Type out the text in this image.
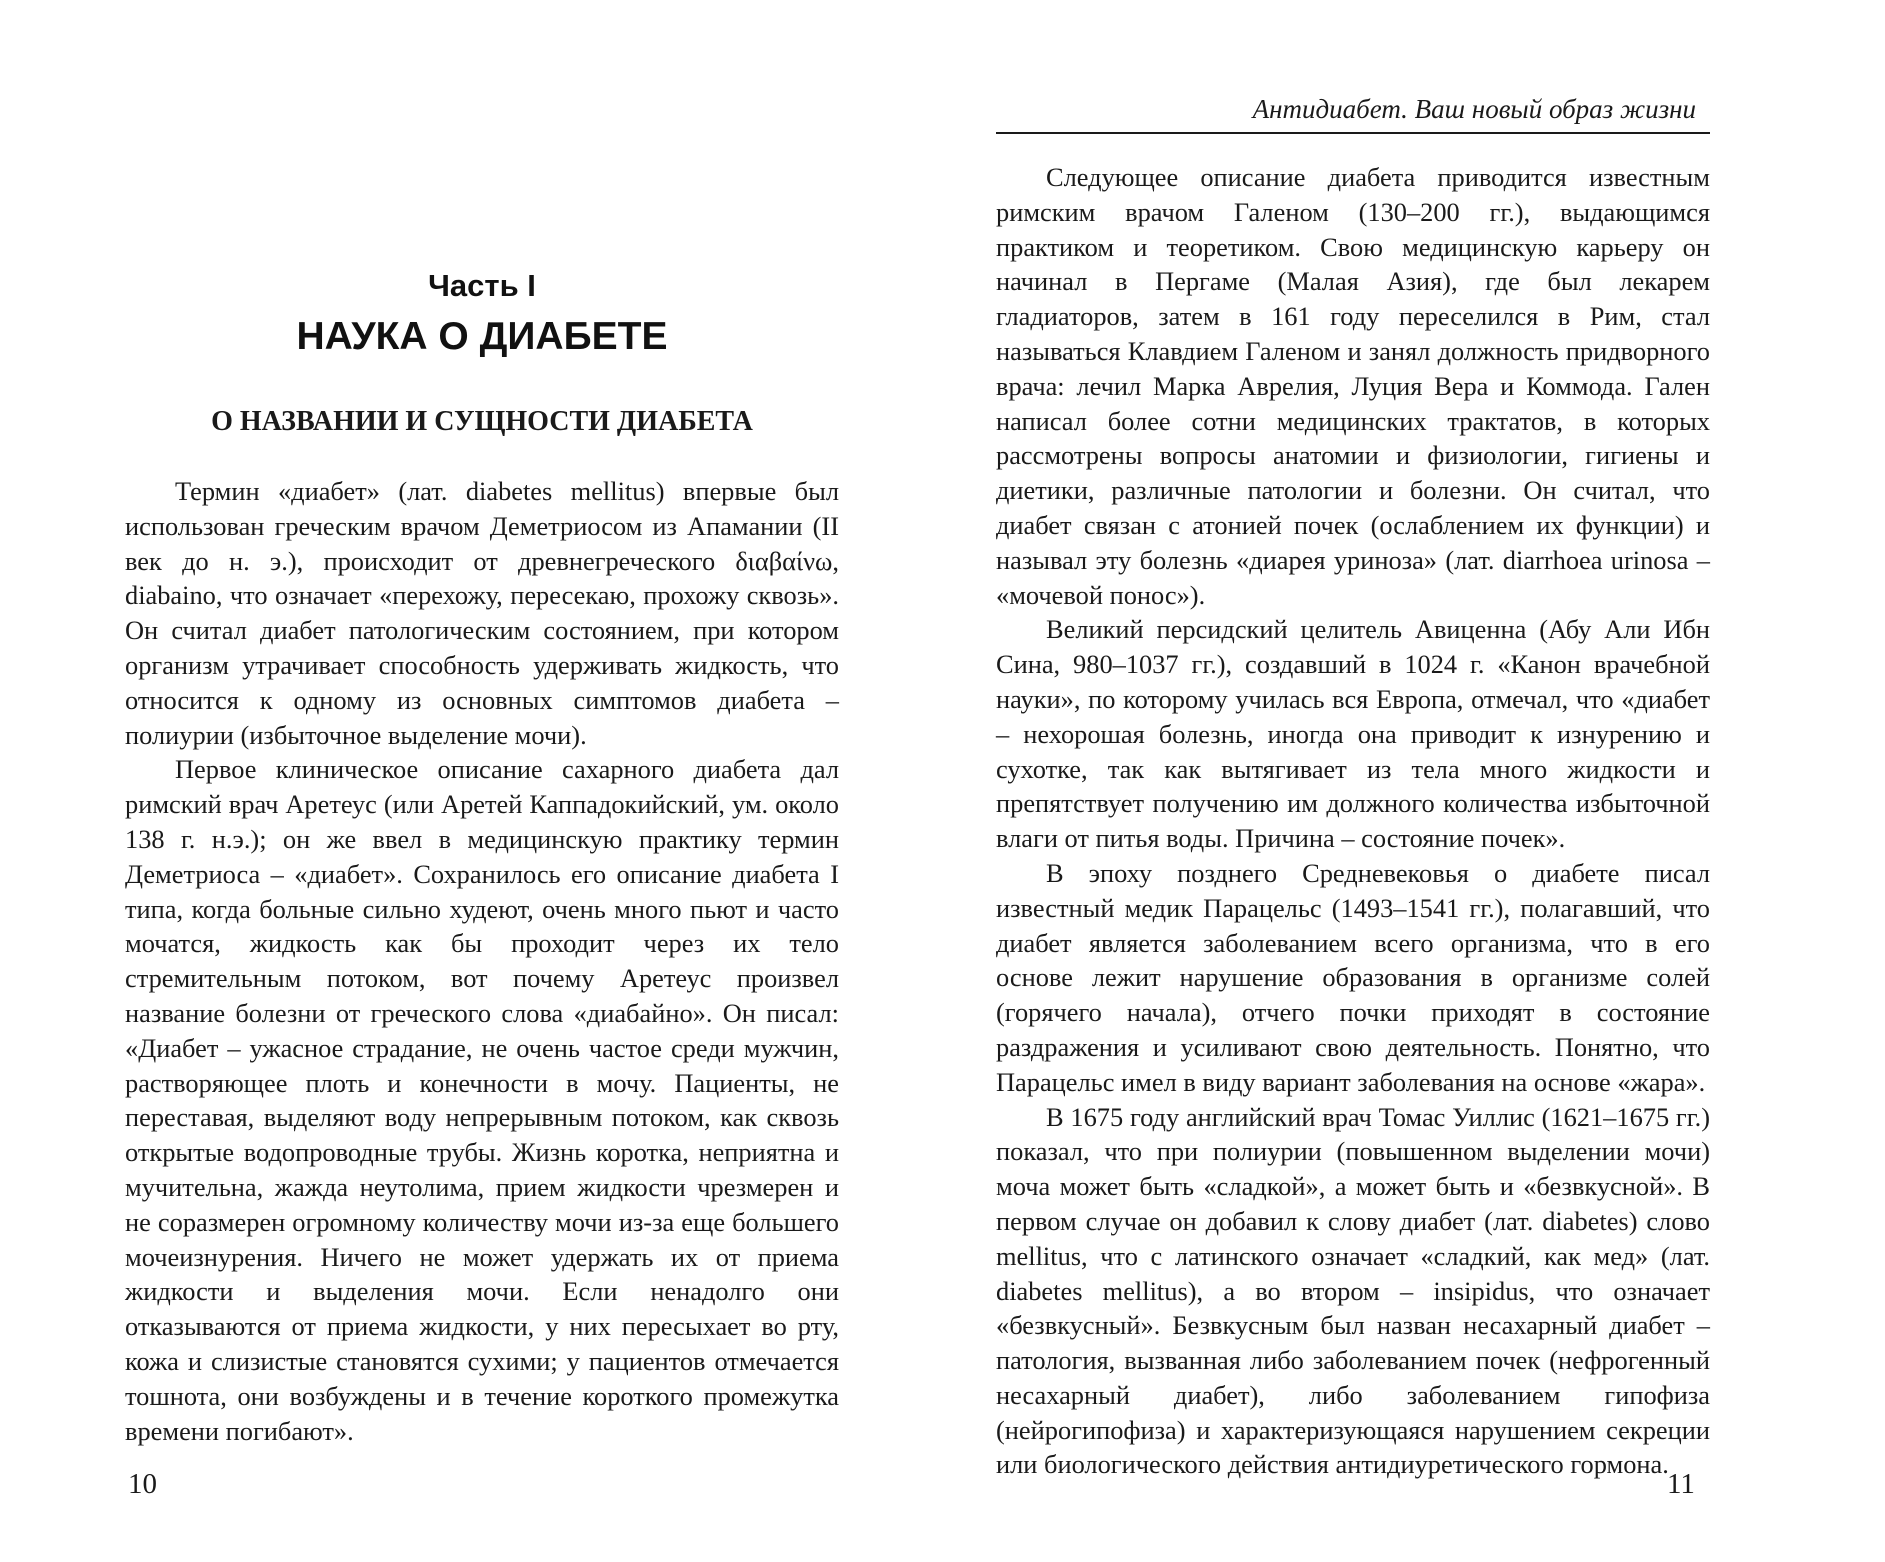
Часть I
НАУКА О ДИАБЕТЕ
О НАЗВАНИИ И СУЩНОСТИ ДИАБЕТА

Термин «диабет» (лат. diabetes mellitus) впервые был использован греческим врачом Деметриосом из Апамании (II век до н. э.), происходит от древнегреческого διαβαίνω, diabaino, что означает «перехожу, пересекаю, прохожу сквозь». Он считал диабет патологическим состоянием, при котором организм утрачивает способность удерживать жидкость, что относится к одному из основных симптомов диабета – полиурии (избыточное выделение мочи).

Первое клиническое описание сахарного диабета дал римский врач Аретеус (или Аретей Каппадокийский, ум. около 138 г. н.э.); он же ввел в медицинскую практику термин Деметриоса – «диабет». Сохранилось его описание диабета I типа, когда больные сильно худеют, очень много пьют и часто мочатся, жидкость как бы проходит через их тело стремительным потоком, вот почему Аретеус произвел название болезни от греческого слова «диабайно». Он писал: «Диабет – ужасное страдание, не очень частое среди мужчин, растворяющее плоть и конечности в мочу. Пациенты, не переставая, выделяют воду непрерывным потоком, как сквозь открытые водопроводные трубы. Жизнь коротка, неприятна и мучительна, жажда неутолима, прием жидкости чрезмерен и не соразмерен огромному количеству мочи из-за еще большего мочеизнурения. Ничего не может удержать их от приема жидкости и выделения мочи. Если ненадолго они отказываются от приема жидкости, у них пересыхает во рту, кожа и слизистые становятся сухими; у пациентов отмечается тошнота, они возбуждены и в течение короткого промежутка времени погибают».

10
Антидиабет. Ваш новый образ жизни

Следующее описание диабета приводится известным римским врачом Галеном (130–200 гг.), выдающимся практиком и теоретиком. Свою медицинскую карьеру он начинал в Пергаме (Малая Азия), где был лекарем гладиаторов, затем в 161 году переселился в Рим, стал называться Клавдием Галеном и занял должность придворного врача: лечил Марка Аврелия, Луция Вера и Коммода. Гален написал более сотни медицинских трактатов, в которых рассмотрены вопросы анатомии и физиологии, гигиены и диетики, различные патологии и болезни. Он считал, что диабет связан с атонией почек (ослаблением их функции) и называл эту болезнь «диарея уриноза» (лат. diarrhoea urinosa – «мочевой понос»).

Великий персидский целитель Авиценна (Абу Али Ибн Сина, 980–1037 гг.), создавший в 1024 г. «Канон врачебной науки», по которому училась вся Европа, отмечал, что «диабет – нехорошая болезнь, иногда она приводит к изнурению и сухотке, так как вытягивает из тела много жидкости и препятствует получению им должного количества избыточной влаги от питья воды. Причина – состояние почек».

В эпоху позднего Средневековья о диабете писал известный медик Парацельс (1493–1541 гг.), полагавший, что диабет является заболеванием всего организма, что в его основе лежит нарушение образования в организме солей (горячего начала), отчего почки приходят в состояние раздражения и усиливают свою деятельность. Понятно, что Парацельс имел в виду вариант заболевания на основе «жара».

В 1675 году английский врач Томас Уиллис (1621–1675 гг.) показал, что при полиурии (повышенном выделении мочи) моча может быть «сладкой», а может быть и «безвкусной». В первом случае он добавил к слову диабет (лат. diabetes) слово mellitus, что с латинского означает «сладкий, как мед» (лат. diabetes mellitus), а во втором – insipidus, что означает «безвкусный». Безвкусным был назван несахарный диабет – патология, вызванная либо заболеванием почек (нефрогенный несахарный диабет), либо заболеванием гипофиза (нейрогипофиза) и характеризующаяся нарушением секреции или биологического действия антидиуретического гормона.

11
